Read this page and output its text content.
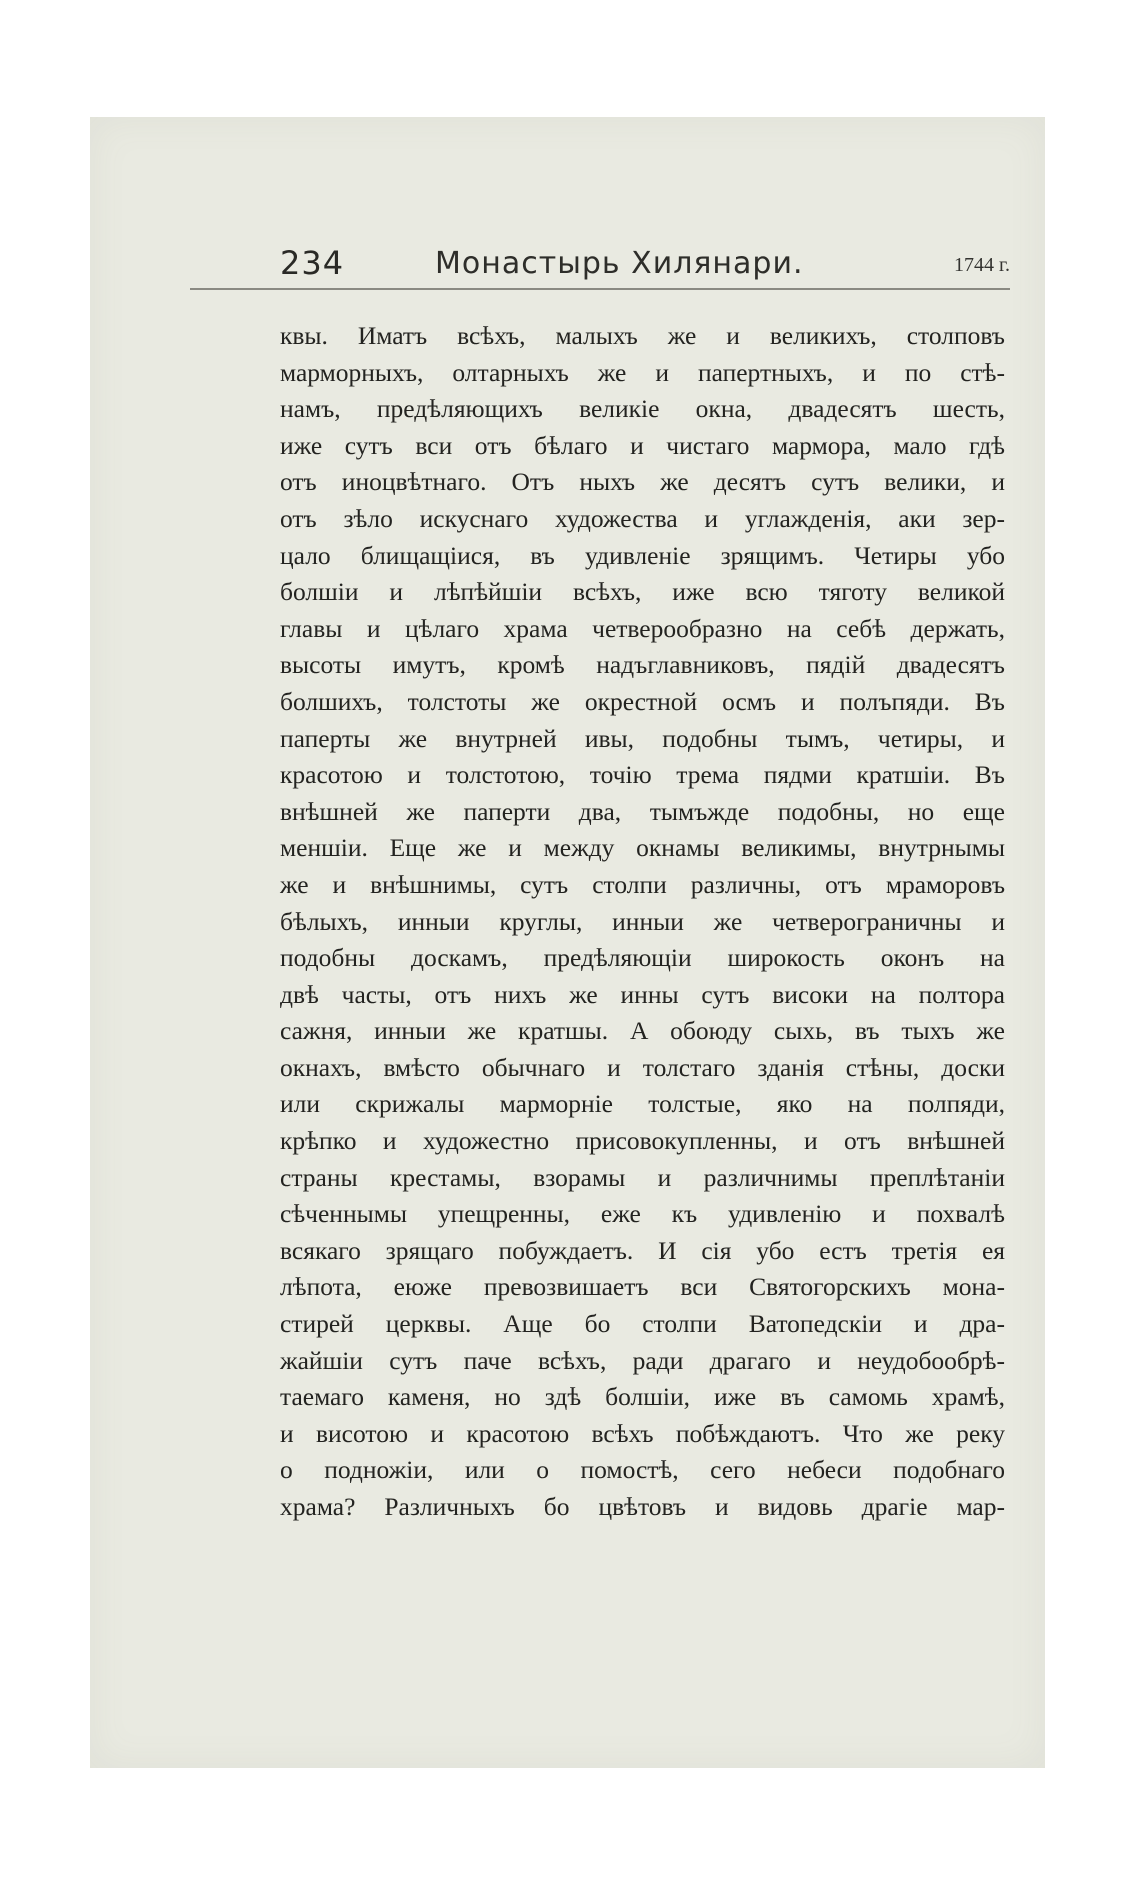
234	Монастырь Хилянари.	1744 г.
квы. Иматъ всѣхъ, малыхъ же и великихъ, столповъ
марморныхъ, олтарныхъ же и папертныхъ, и по стѣ-
намъ, предѣляющихъ великіе окна, двадесятъ шесть,
иже сутъ вси отъ бѣлаго и чистаго мармора, мало гдѣ
отъ иноцвѣтнаго. Отъ ныхъ же десятъ сутъ велики, и
отъ зѣло искуснаго художества и углажденія, аки зер-
цало блищащіися, въ удивленіе зрящимъ. Четиры убо
болшіи и лѣпѣйшіи всѣхъ, иже всю тяготу великой
главы и цѣлаго храма четверообразно на себѣ держать,
высоты имутъ, кромѣ надъглавниковъ, пядій двадесятъ
болшихъ, толстоты же окрестной осмъ и полъпяди. Въ
паперты же внутрней ивы, подобны тымъ, четиры, и
красотою и толстотою, точію трема пядми кратшіи. Въ
внѣшней же паперти два, тымъжде подобны, но еще
меншіи. Еще же и между окнамы великимы, внутрнымы
же и внѣшнимы, сутъ столпи различны, отъ мраморовъ
бѣлыхъ, инныи круглы, инныи же четверограничны и
подобны доскамъ, предѣляющіи широкость оконъ на
двѣ часты, отъ нихъ же инны сутъ високи на полтора
сажня, инныи же кратшы. А обоюду сыхь, въ тыхъ же
окнахъ, вмѣсто обычнаго и толстаго зданія стѣны, доски
или скрижалы марморніе толстые, яко на полпяди,
крѣпко и художестно присовокупленны, и отъ внѣшней
страны крестамы, взорамы и различнимы преплѣтаніи
сѣченнымы упещренны, еже къ удивленію и похвалѣ
всякаго зрящаго побуждаетъ. И сія убо естъ третія ея
лѣпота, еюже превозвишаетъ вси Святогорскихъ мона-
стирей церквы. Аще бо столпи Ватопедскіи и дра-
жайшіи сутъ паче всѣхъ, ради драгаго и неудобообрѣ-
таемаго каменя, но здѣ болшіи, иже въ самомь храмѣ,
и висотою и красотою всѣхъ побѣждаютъ. Что же реку
о подножіи, или о помостѣ, сего небеси подобнаго
храма? Различныхъ бо цвѣтовъ и видовь драгіе мар-
